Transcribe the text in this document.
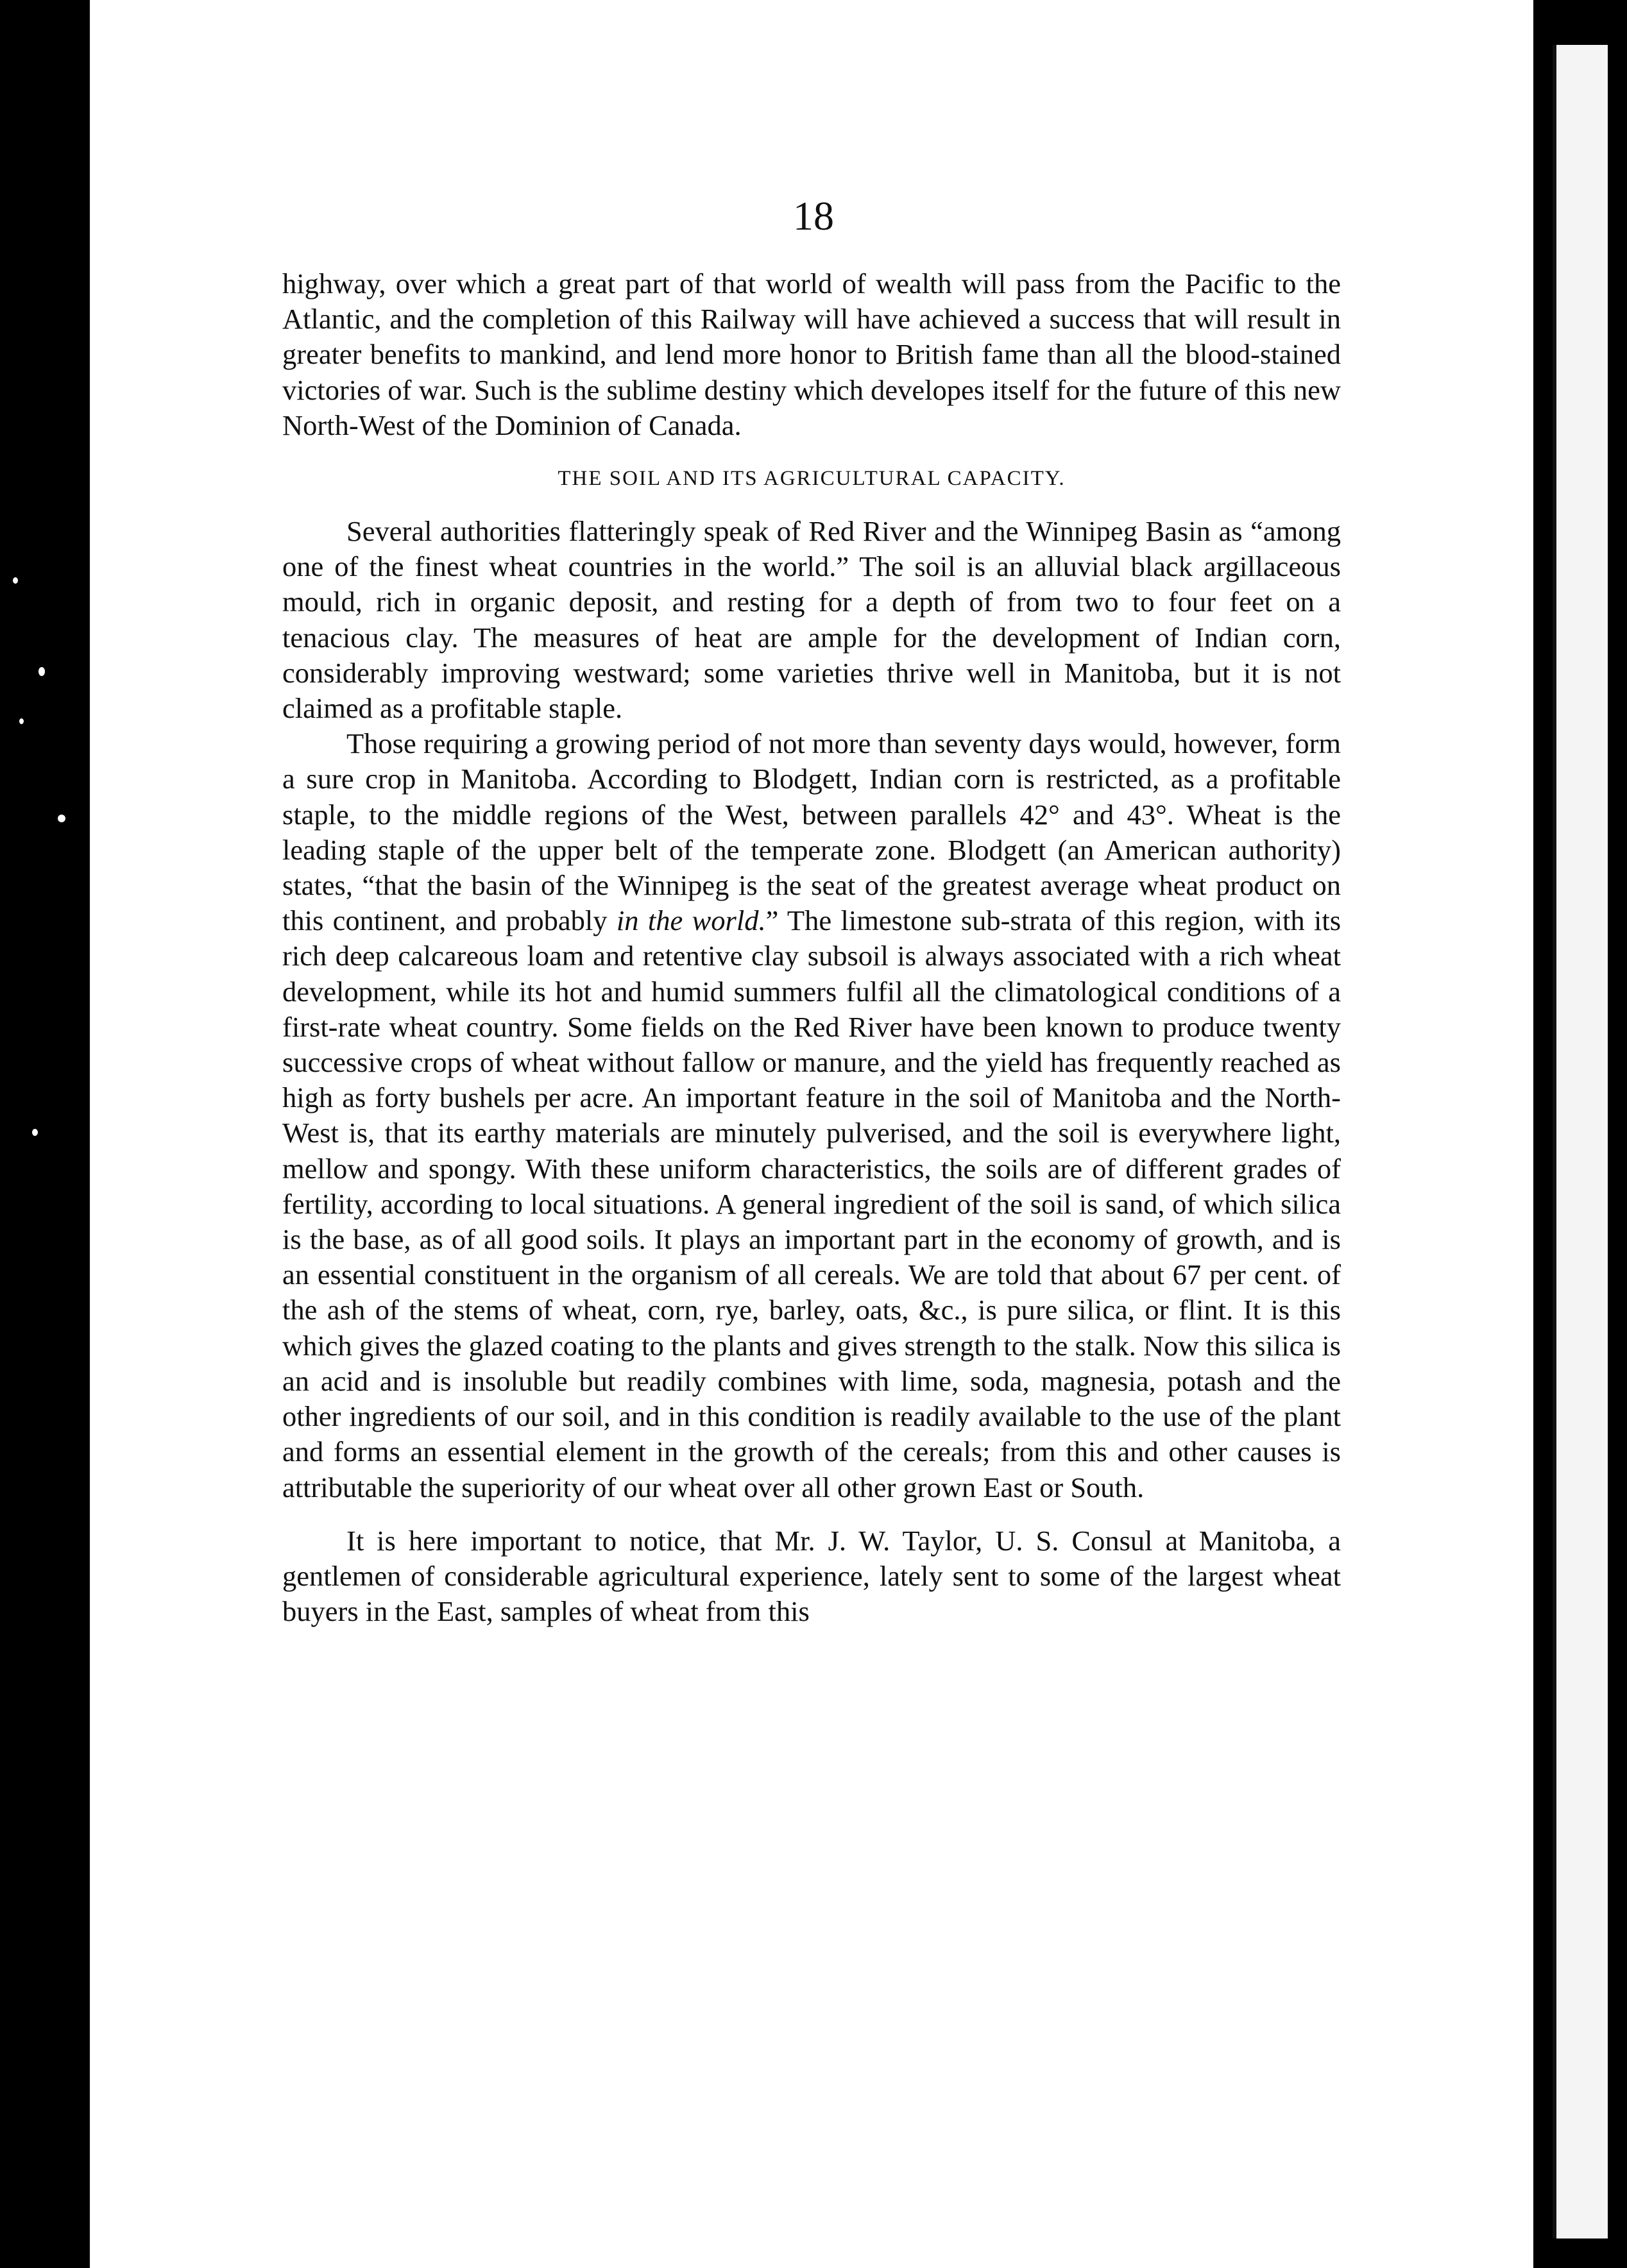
18

highway, over which a great part of that world of wealth will pass from the Pacific to the Atlantic, and the completion of this Railway will have achieved a success that will result in greater benefits to mankind, and lend more honor to British fame than all the blood-stained victories of war. Such is the sublime destiny which developes itself for the future of this new North-West of the Dominion of Canada.

THE SOIL AND ITS AGRICULTURAL CAPACITY.

Several authorities flatteringly speak of Red River and the Winnipeg Basin as “among one of the finest wheat countries in the world.” The soil is an alluvial black argillaceous mould, rich in organic deposit, and resting for a depth of from two to four feet on a tenacious clay. The measures of heat are ample for the development of Indian corn, considerably improving westward; some varieties thrive well in Manitoba, but it is not claimed as a profitable staple.

Those requiring a growing period of not more than seventy days would, however, form a sure crop in Manitoba. According to Blodgett, Indian corn is restricted, as a profitable staple, to the middle regions of the West, between parallels 42° and 43°. Wheat is the leading staple of the upper belt of the temperate zone. Blodgett (an American authority) states, “that the basin of the Winnipeg is the seat of the greatest average wheat product on this continent, and probably in the world.” The limestone sub-strata of this region, with its rich deep calcareous loam and retentive clay subsoil is always associated with a rich wheat development, while its hot and humid summers fulfil all the climatological conditions of a first-rate wheat country. Some fields on the Red River have been known to produce twenty successive crops of wheat without fallow or manure, and the yield has frequently reached as high as forty bushels per acre. An important feature in the soil of Manitoba and the North-West is, that its earthy materials are minutely pulverised, and the soil is everywhere light, mellow and spongy. With these uniform characteristics, the soils are of different grades of fertility, according to local situations. A general ingredient of the soil is sand, of which silica is the base, as of all good soils. It plays an important part in the economy of growth, and is an essential constituent in the organism of all cereals. We are told that about 67 per cent. of the ash of the stems of wheat, corn, rye, barley, oats, &c., is pure silica, or flint. It is this which gives the glazed coating to the plants and gives strength to the stalk. Now this silica is an acid and is insoluble but readily combines with lime, soda, magnesia, potash and the other ingredients of our soil, and in this condition is readily available to the use of the plant and forms an essential element in the growth of the cereals; from this and other causes is attributable the superiority of our wheat over all other grown East or South.

It is here important to notice, that Mr. J. W. Taylor, U. S. Consul at Manitoba, a gentlemen of considerable agricultural experience, lately sent to some of the largest wheat buyers in the East, samples of wheat from this
